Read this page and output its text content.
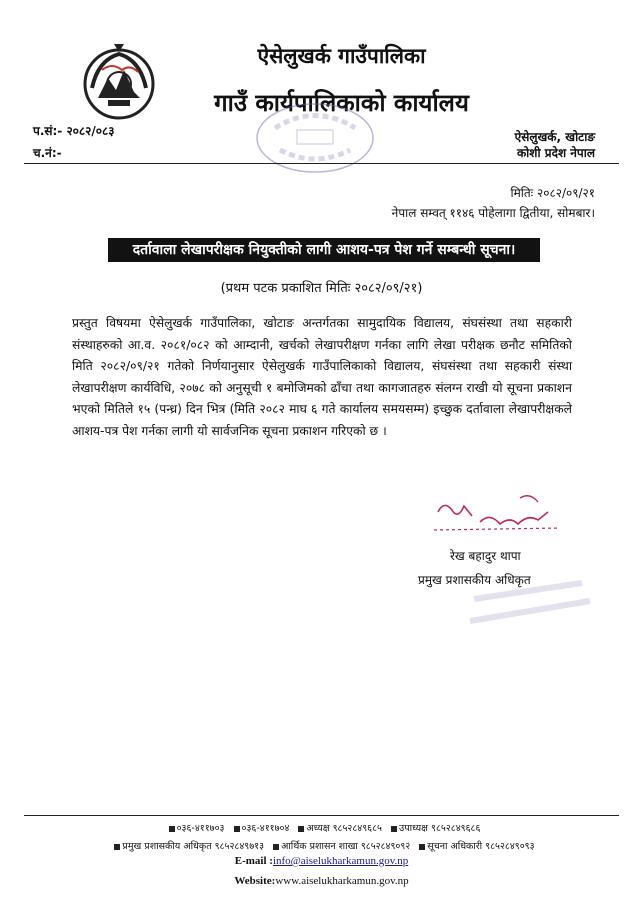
ऐसेलुखर्क गाउँपालिका
गाउँ कार्यपालिकाको कार्यालय
प.सं:- २०८२/०८३
च.नं:-
ऐसेलुखर्क, खोटाङ
कोशी प्रदेश नेपाल
मितिः २०८२/०९/२१
नेपाल सम्वत् ११४६ पोहेलागा द्वितीया, सोमबार।
दर्तावाला लेखापरीक्षक नियुक्तीको लागी आशय-पत्र पेश गर्ने सम्बन्धी सूचना।
(प्रथम पटक प्रकाशित मितिः २०८२/०९/२१)
प्रस्तुत विषयमा ऐसेलुखर्क गाउँपालिका, खोटाङ अन्तर्गतका सामुदायिक विद्यालय, संघसंस्था तथा सहकारी संस्थाहरुको आ.व. २०८१/०८२ को आम्दानी, खर्चको लेखापरीक्षण गर्नका लागि लेखा परीक्षक छनौट समितिको मिति २०८२/०९/२१ गतेको निर्णयानुसार ऐसेलुखर्क गाउँपालिकाको विद्यालय, संघसंस्था तथा सहकारी संस्था लेखापरीक्षण कार्यविधि, २०७८ को अनुसूची १ बमोजिमको ढाँचा तथा कागजातहरु संलग्न राखी यो सूचना प्रकाशन भएको मितिले १५ (पन्ध्र) दिन भित्र (मिति २०८२ माघ ६ गते कार्यालय समयसम्म) इच्छुक दर्तावाला लेखापरीक्षकले आशय-पत्र पेश गर्नका लागी यो सार्वजनिक सूचना प्रकाशन गरिएको छ ।
रेख बहादुर थापा
प्रमुख प्रशासकीय अधिकृत
०३६-४११७०३ ०३६-४११७०४ अध्यक्ष ९८५२८४९६८५ उपाध्यक्ष ९८५२८४९६८६
प्रमुख प्रशासकीय अधिकृत ९८५२८४९७१३ आर्थिक प्रशासन शाखा ९८५२८४९०९२ सूचना अधिकारी ९८५२८४९०९३
E-mail :info@aiselukharkamun.gov.np
Website:www.aiselukharkamun.gov.np
